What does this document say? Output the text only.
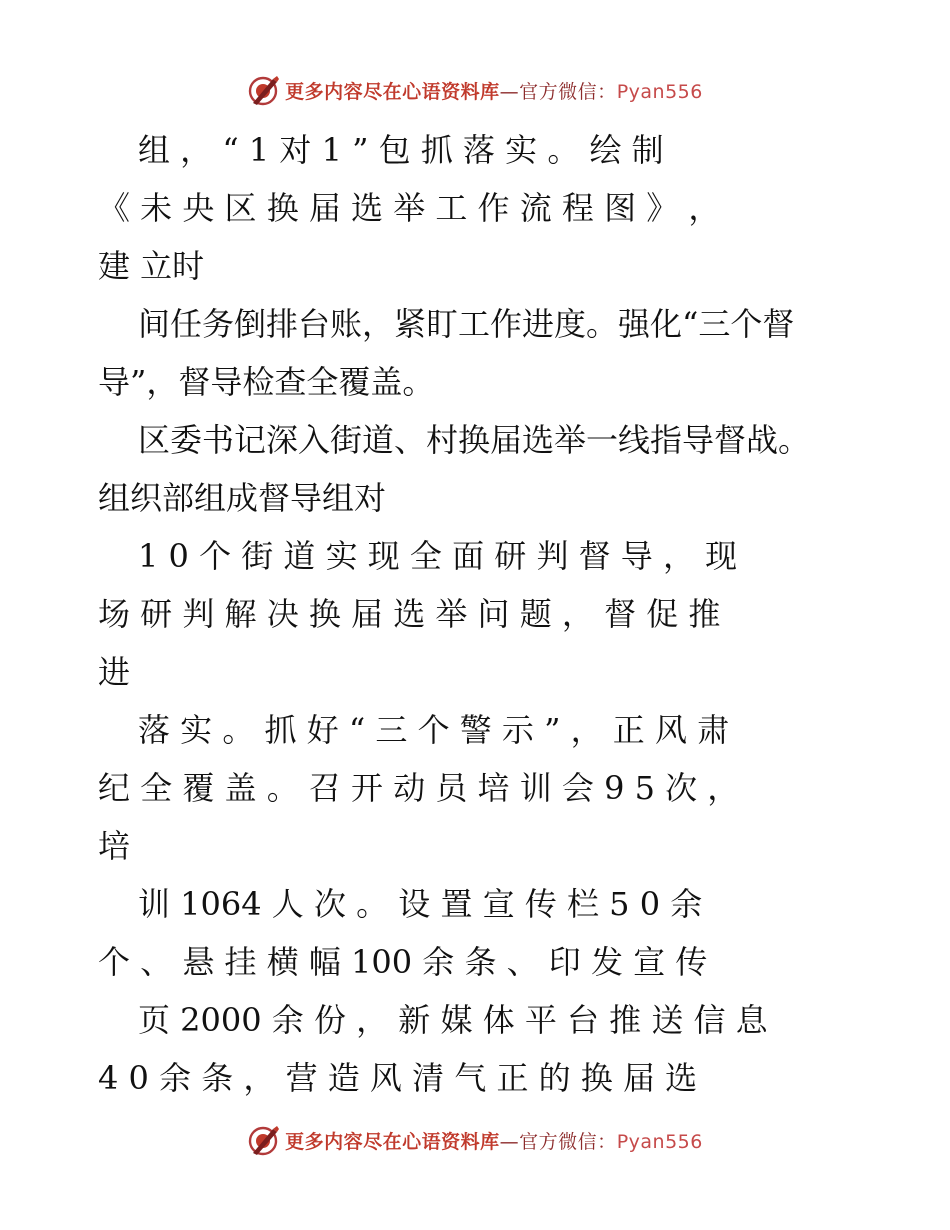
更多内容尽在心语资料库—官方微信：Pyan556
组 ， “ 1 对 1 ” 包 抓 落 实 。 绘 制
《 未 央 区 换 届 选 举 工 作 流 程 图 》 ，
建 立时
间任务倒排台账，紧盯工作进度。强化“三个督
导”，督导检查全覆盖。
区委书记深入街道、村换届选举一线指导督战。
组织部组成督导组对
1 0 个 街 道 实 现 全 面 研 判 督 导 ， 现
场 研 判 解 决 换 届 选 举 问 题 ， 督 促 推
进
落 实 。 抓 好 “ 三 个 警 示 ” ， 正 风 肃
纪 全 覆 盖 。 召 开 动 员 培 训 会 9 5 次 ，
培
训 1064 人 次 。 设 置 宣 传 栏 5 0 余
个 、 悬 挂 横 幅 100 余 条 、 印 发 宣 传
页 2000 余 份 ， 新 媒 体 平 台 推 送 信 息
4 0 余 条 ， 营 造 风 清 气 正 的 换 届 选
更多内容尽在心语资料库—官方微信：Pyan556
